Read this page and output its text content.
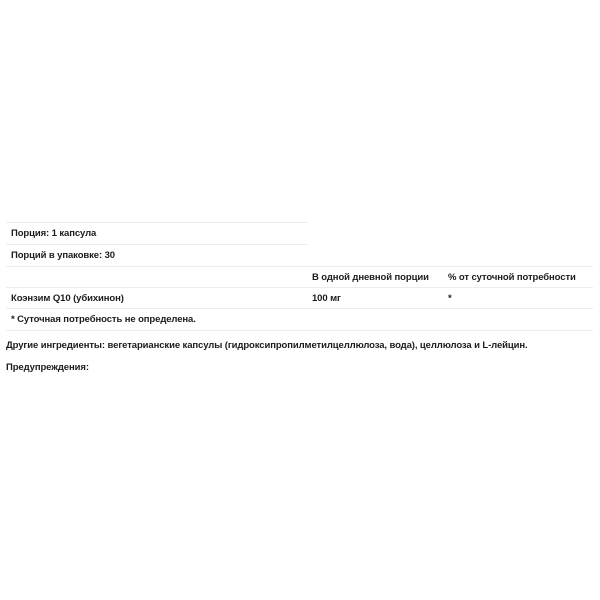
Порция: 1 капсула
Порций в упаковке: 30
В одной дневной порции % от суточной потребности
Коэнзим Q10 (убихинон)	100 мг	*
* Суточная потребность не определена.
Другие ингредиенты: вегетарианские капсулы (гидроксипропилметилцеллюлоза, вода), целлюлоза и L-лейцин.
Предупреждения:
